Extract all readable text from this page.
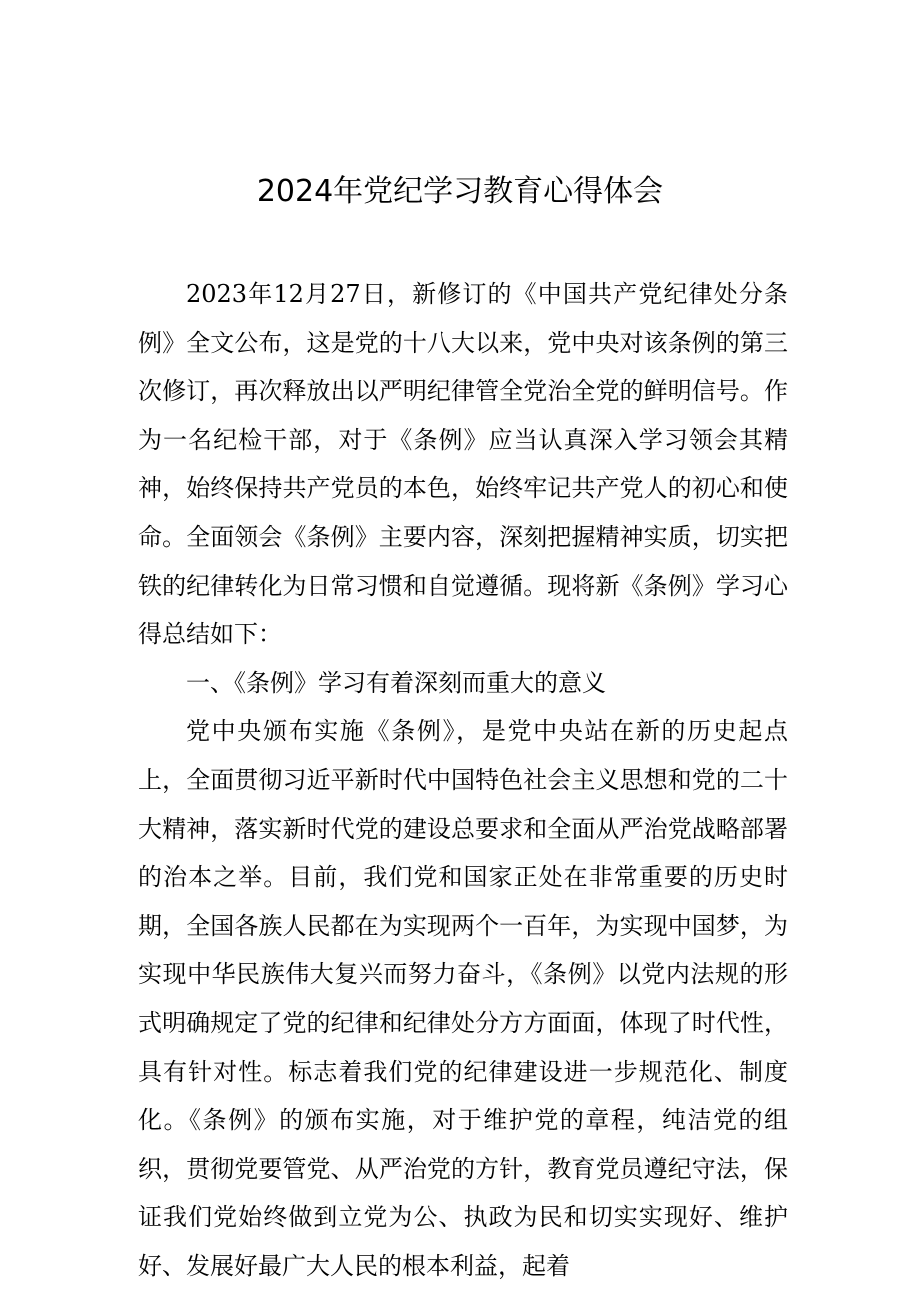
2024年党纪学习教育心得体会

2023年12月27日，新修订的《中国共产党纪律处分条例》全文公布，这是党的十八大以来，党中央对该条例的第三次修订，再次释放出以严明纪律管全党治全党的鲜明信号。作为一名纪检干部，对于《条例》应当认真深入学习领会其精神，始终保持共产党员的本色，始终牢记共产党人的初心和使命。全面领会《条例》主要内容，深刻把握精神实质，切实把铁的纪律转化为日常习惯和自觉遵循。现将新《条例》学习心得总结如下：

一、《条例》学习有着深刻而重大的意义

党中央颁布实施《条例》，是党中央站在新的历史起点上，全面贯彻习近平新时代中国特色社会主义思想和党的二十大精神，落实新时代党的建设总要求和全面从严治党战略部署的治本之举。目前，我们党和国家正处在非常重要的历史时期，全国各族人民都在为实现两个一百年，为实现中国梦，为实现中华民族伟大复兴而努力奋斗，《条例》以党内法规的形式明确规定了党的纪律和纪律处分方方面面，体现了时代性，具有针对性。标志着我们党的纪律建设进一步规范化、制度化。《条例》的颁布实施，对于维护党的章程，纯洁党的组织，贯彻党要管党、从严治党的方针，教育党员遵纪守法，保证我们党始终做到立党为公、执政为民和切实实现好、维护好、发展好最广大人民的根本利益，起着
